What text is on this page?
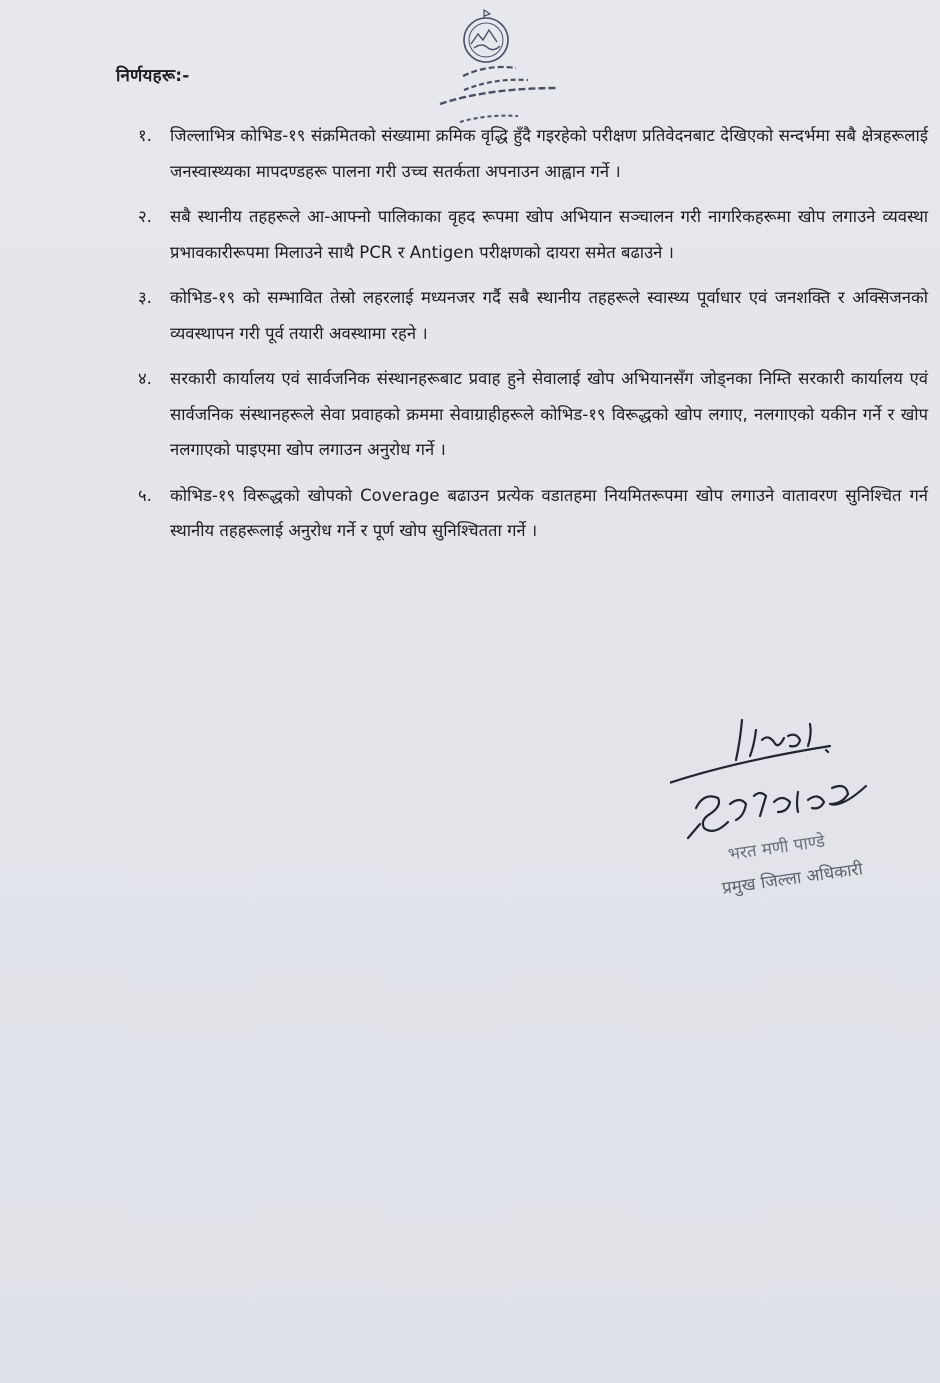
निर्णयहरू:-
१.	जिल्लाभित्र कोभिड-१९ संक्रमितको संख्यामा क्रमिक वृद्धि हुँदै गइरहेको परीक्षण प्रतिवेदनबाट देखिएको सन्दर्भमा सबै क्षेत्रहरूलाई जनस्वास्थ्यका मापदण्डहरू पालना गरी उच्च सतर्कता अपनाउन आह्वान गर्ने ।
२.	सबै स्थानीय तहहरूले आ-आफ्नो पालिकाका वृहद रूपमा खोप अभियान सञ्चालन गरी नागरिकहरूमा खोप लगाउने व्यवस्था प्रभावकारीरूपमा मिलाउने साथै PCR र Antigen परीक्षणको दायरा समेत बढाउने ।
३.	कोभिड-१९ को सम्भावित तेस्रो लहरलाई मध्यनजर गर्दै सबै स्थानीय तहहरूले स्वास्थ्य पूर्वाधार एवं जनशक्ति र अक्सिजनको व्यवस्थापन गरी पूर्व तयारी अवस्थामा रहने ।
४.	सरकारी कार्यालय एवं सार्वजनिक संस्थानहरूबाट प्रवाह हुने सेवालाई खोप अभियानसँग जोड्नका निम्ति सरकारी कार्यालय एवं सार्वजनिक संस्थानहरूले सेवा प्रवाहको क्रममा सेवाग्राहीहरूले कोभिड-१९ विरूद्धको खोप लगाए, नलगाएको यकीन गर्ने र खोप नलगाएको पाइएमा खोप लगाउन अनुरोध गर्ने ।
५.	कोभिड-१९ विरूद्धको खोपको Coverage बढाउन प्रत्येक वडातहमा नियमितरूपमा खोप लगाउने वातावरण सुनिश्चित गर्न स्थानीय तहहरूलाई अनुरोध गर्ने र पूर्ण खोप सुनिश्चितता गर्ने ।
भरत मणी पाण्डे
प्रमुख जिल्ला अधिकारी
